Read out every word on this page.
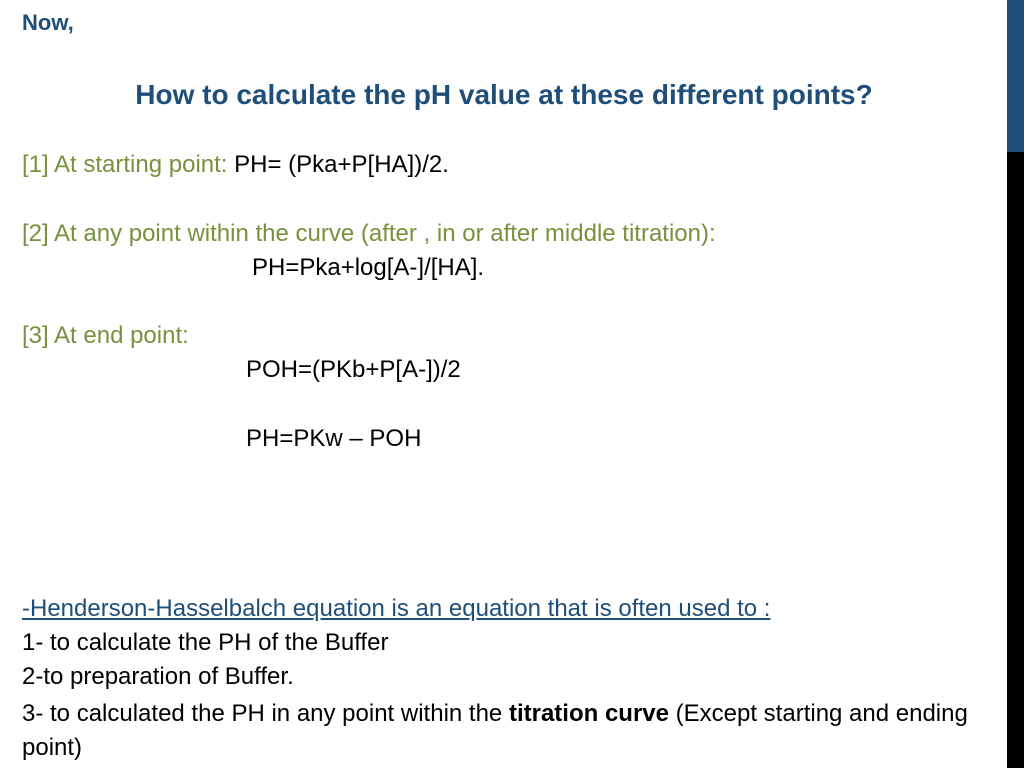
Now,
How to calculate the pH value at these different points?
[1] At starting point: PH= (Pka+P[HA])/2.
[2] At any point within the curve (after , in or after middle titration):
PH=Pka+log[A-]/[HA].
[3] At end point:
POH=(PKb+P[A-])/2
PH=PKw – POH
-Henderson-Hasselbalch equation is an equation that is often used to :
1- to calculate the PH of the Buffer
2-to preparation of Buffer.
3- to calculated the PH in any point within the titration curve (Except starting and ending point)
